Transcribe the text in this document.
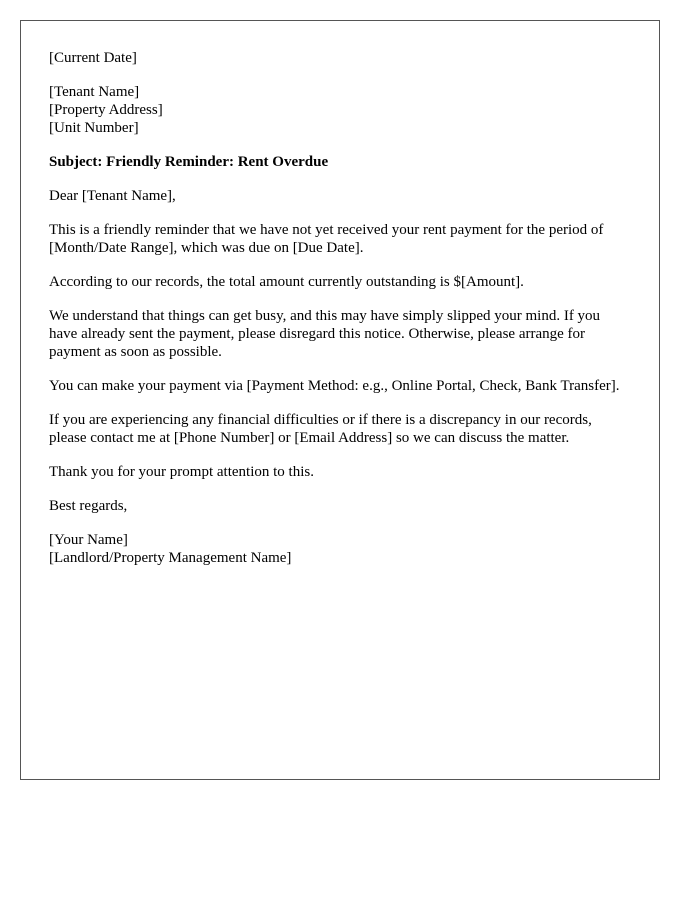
[Current Date]
[Tenant Name]
[Property Address]
[Unit Number]
Subject: Friendly Reminder: Rent Overdue

Dear [Tenant Name],

This is a friendly reminder that we have not yet received your rent payment for the period of [Month/Date Range], which was due on [Due Date].

According to our records, the total amount currently outstanding is $[Amount].

We understand that things can get busy, and this may have simply slipped your mind. If you have already sent the payment, please disregard this notice. Otherwise, please arrange for payment as soon as possible.

You can make your payment via [Payment Method: e.g., Online Portal, Check, Bank Transfer].

If you are experiencing any financial difficulties or if there is a discrepancy in our records, please contact me at [Phone Number] or [Email Address] so we can discuss the matter.

Thank you for your prompt attention to this.

Best regards,

[Your Name]
[Landlord/Property Management Name]
